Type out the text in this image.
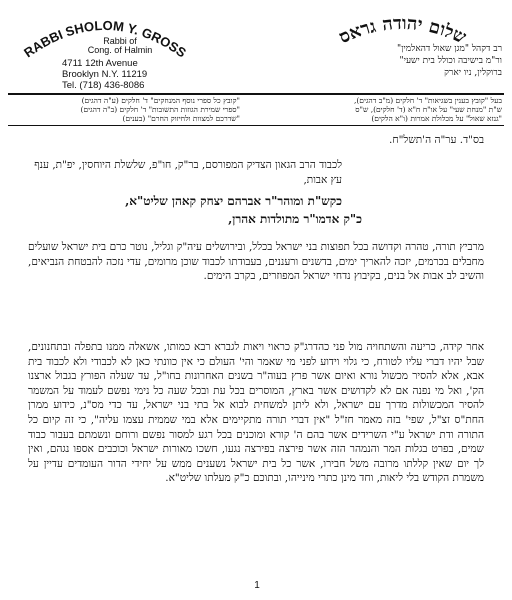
RABBI SHOLOM Y. GROSS
שלום יהודה גראס
Rabbi of
Cong. of Halmin
4711 12th Avenue
Brooklyn N.Y. 11219
Tel. (718) 436-8086
רב דקהל "מגן שאול דהאלמין"
ור"מ בישיבה וכולל בית ישעי"
ברוקלין, ניו יארק
"קובץ כל ספרי נוסף המנחקים" ד' חלקים (ע"ה דהגים)
"ספרי שמירת הגוזות התשובות" ד' חלקים (ב"ה דהגים)
"שדרכם למצוות ולחיזוק החרם" (בענים)
בעל "קובץ בענין בשגיאות" ד' חלקים (מ"ב דהגים),
ש"ת "מנחת שעי" על או"ח ח"א (ד' חלקים), ש"ס
"גנזא שאול" על מכלולת אמרות (ו"א הלקים)
בס"ד. ער"ה ה'תשל"ח.
לכבוד הרב הגאון הצדיק המפורסם, בר"ק, חו"פ, שלשלת היוחסין, יפ"ת, ענף עץ אבות,
כקש"ת ומוהר"ר אברהם יצחק קאהן שליט"א,
כ"ק אדמו"ר מתולדות אהרן,
מרביץ תורה, טהרה וקדושה בכל תפוצות בני ישראל בכלל, ובירושלים עיה"ק וגליל, נוטר כרם בית ישראל שועלים מחבלים בכרמים, יזכה להאריך ימים, בדשנים ורעננים, בעבודתו לכבוד שוכן מרומים, עדי נזכה להבטחת הנביאים, והשיב לב אבות אל בנים, בקיבוץ נדחי ישראל המפוזרים, בקרב הימים.
אחר קידה, כריעה והשתחויה מול פני כהדרג"ק כראוי ויאות לגברא רבא כמותו, אשאלה ממנו בתפלה ובתחנונים, שבל יהיו דברי עליו לטורח, כי גלוי וידוע לפני מי שאמר והי' העולם כי אין כוונתי כאן לא לכבודי ולא לכבוד בית אבא, אלא להסיר מכשול נורא ואיום אשר פרץ בעוה"ר בשנים האחרונות בחו"ל, עד שעלה הפורץ בגבול ארצנו הק', ואל מי נפנה אם לא לקדושים אשר בארץ, המוסרים בכל עת ובכל שעה כל נימי נפשם לעמוד על המשמר להסיר המכשולות מדרך עם ישראל, ולא ליתן למשחית לבוא אל בתי בני ישראל, עד כדי מס"נ, כידוע ממרן החת"ס זצ"ל, שפי' בזה מאמר חז"ל "אין דברי תורה מתקיימים אלא במי שממית עצמו עליה", כי זה קיום כל התורה ודת ישראל ע"י השרידים אשר בהם ה' קורא ומוכנים בכל רגע למסור נפשם ורוחם ונשמתם בעבור כבוד שמים, בפרט בגלות המר והנמהר הזה אשר פירצה בפירצה נגעו, חשכו מאורות ישראל וכוכבים אספו נגהם, ואין לך יום שאין קללתו מרובה משל חבירו, אשר כל בית ישראל נשענים ממש על יחידי הדור העומדים עדיין על משמרת הקודש בלי ליאות, וחד מינן כתרי מינייהו, ובתוכם כ"ק מעלתו שליט"א.
1
